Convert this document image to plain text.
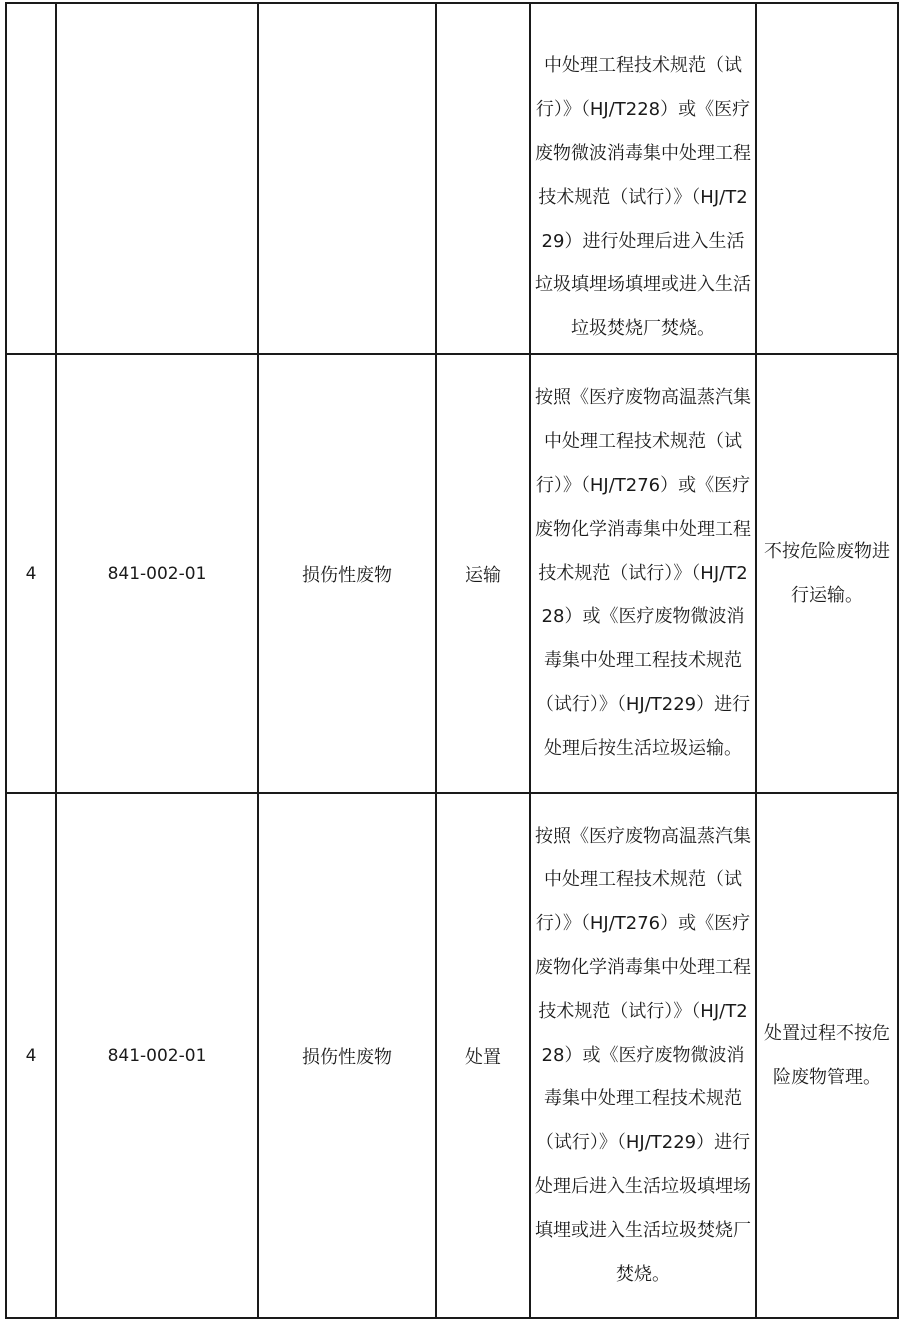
				中处理工程技术规范（试行）》（HJ/T228）或《医疗废物微波消毒集中处理工程技术规范（试行）》（HJ/T229）进行处理后进入生活垃圾填埋场填埋或进入生活垃圾焚烧厂焚烧。	

4	841-002-01	损伤性废物	运输	按照《医疗废物高温蒸汽集中处理工程技术规范（试行）》（HJ/T276）或《医疗废物化学消毒集中处理工程技术规范（试行）》（HJ/T228）或《医疗废物微波消毒集中处理工程技术规范（试行）》（HJ/T229）进行处理后按生活垃圾运输。	不按危险废物进行运输。

4	841-002-01	损伤性废物	处置	按照《医疗废物高温蒸汽集中处理工程技术规范（试行）》（HJ/T276）或《医疗废物化学消毒集中处理工程技术规范（试行）》（HJ/T228）或《医疗废物微波消毒集中处理工程技术规范（试行）》（HJ/T229）进行处理后进入生活垃圾填埋场填埋或进入生活垃圾焚烧厂焚烧。	处置过程不按危险废物管理。
